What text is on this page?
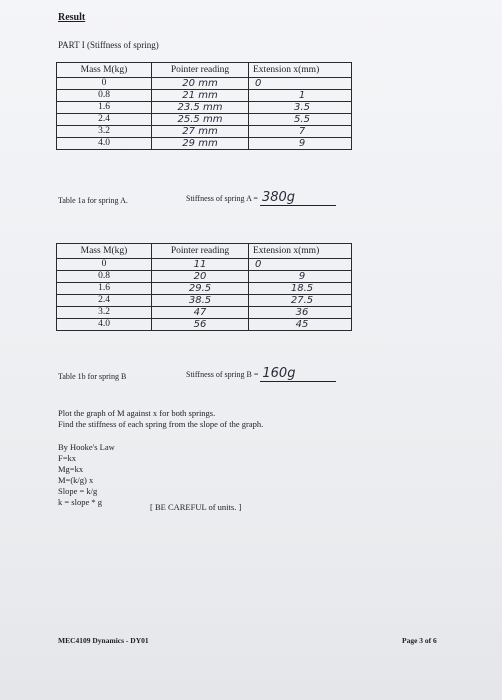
Result
PART I (Stiffness of spring)
Mass M(kg)	Pointer reading	Extension x(mm)
0	20 mm	0
0.8	21 mm	1
1.6	23.5 mm	3.5
2.4	25.5 mm	5.5
3.2	27 mm	7
4.0	29 mm	9
Table 1a for spring A.	Stiffness of spring A = 380g
Mass M(kg)	Pointer reading	Extension x(mm)
0	11	0
0.8	20	9
1.6	29.5	18.5
2.4	38.5	27.5
3.2	47	36
4.0	56	45
Table 1b for spring B	Stiffness of spring B = 160g
Plot the graph of M against x for both springs.
Find the stiffness of each spring from the slope of the graph.
By Hooke's Law
F=kx
Mg=kx
M=(k/g) x
Slope = k/g
k = slope * g	[ BE CAREFUL of units. ]
MEC4109 Dynamics - DY01	Page 3 of 6
